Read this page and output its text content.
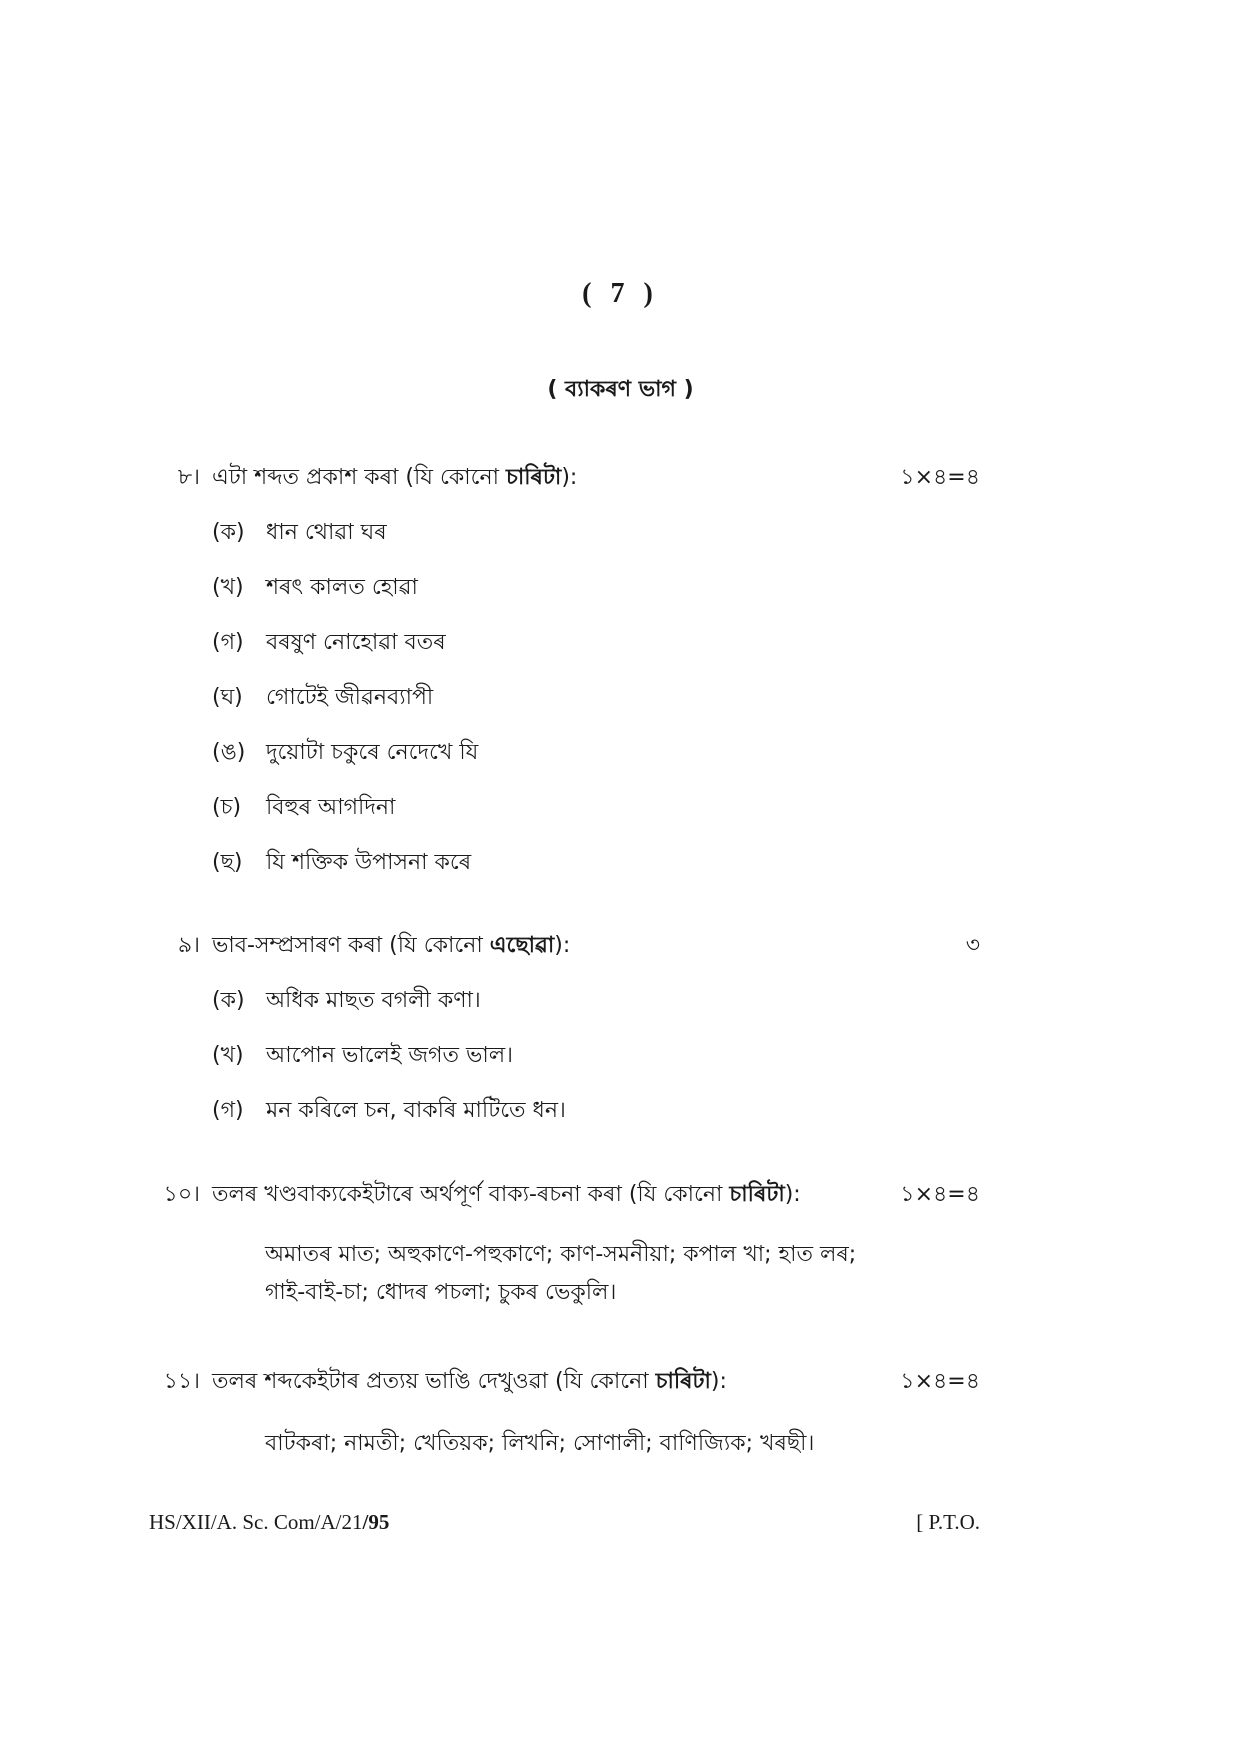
( 7 )
( ব্যাকৰণ ভাগ )
৮। এটা শব্দত প্ৰকাশ কৰা (যি কোনো চাৰিটা):	১×৪=৪
(ক) ধান থোৱা ঘৰ
(খ) শৰৎ কালত হোৱা
(গ) বৰষুণ নোহোৱা বতৰ
(ঘ) গোটেই জীৱনব্যাপী
(ঙ) দুয়োটা চকুৰে নেদেখে যি
(চ) বিহুৰ আগদিনা
(ছ) যি শক্তিক উপাসনা কৰে
৯। ভাব-সম্প্ৰসাৰণ কৰা (যি কোনো এছোৱা):	৩
(ক) অধিক মাছত বগলী কণা।
(খ) আপোন ভালেই জগত ভাল।
(গ) মন কৰিলে চন, বাকৰি মাটিতে ধন।
১০। তলৰ খণ্ডবাক্যকেইটাৰে অৰ্থপূৰ্ণ বাক্য-ৰচনা কৰা (যি কোনো চাৰিটা):	১×৪=৪
অমাতৰ মাত; অহুকাণে-পহুকাণে; কাণ-সমনীয়া; কপাল খা; হাত লৰ;
গাই-বাই-চা; ধোদৰ পচলা; চুকৰ ভেকুলি।
১১। তলৰ শব্দকেইটাৰ প্ৰত্যয় ভাঙি দেখুওৱা (যি কোনো চাৰিটা):	১×৪=৪
বাটকৰা; নামতী; খেতিয়ক; লিখনি; সোণালী; বাণিজ্যিক; খৰছী।
HS/XII/A. Sc. Com/A/21/95	[ P.T.O.
